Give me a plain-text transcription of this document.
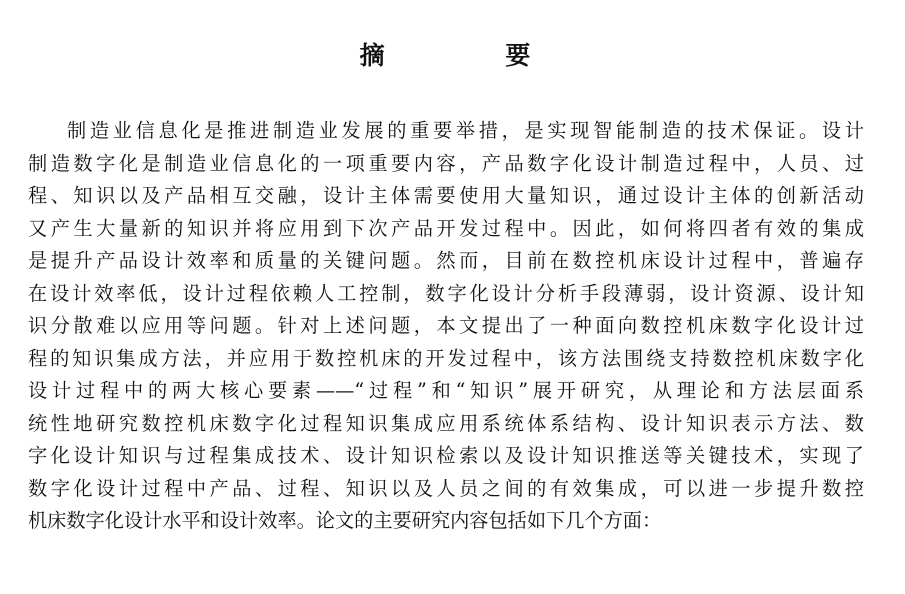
摘 要
制造业信息化是推进制造业发展的重要举措，是实现智能制造的技术保证。设计
制造数字化是制造业信息化的一项重要内容，产品数字化设计制造过程中，人员、过
程、知识以及产品相互交融，设计主体需要使用大量知识，通过设计主体的创新活动
又产生大量新的知识并将应用到下次产品开发过程中。因此，如何将四者有效的集成
是提升产品设计效率和质量的关键问题。然而，目前在数控机床设计过程中，普遍存
在设计效率低，设计过程依赖人工控制，数字化设计分析手段薄弱，设计资源、设计知
识分散难以应用等问题。针对上述问题，本文提出了一种面向数控机床数字化设计过
程的知识集成方法，并应用于数控机床的开发过程中，该方法围绕支持数控机床数字化
设计过程中的两大核心要素——“过程”和“知识”展开研究，从理论和方法层面系
统性地研究数控机床数字化过程知识集成应用系统体系结构、设计知识表示方法、数
字化设计知识与过程集成技术、设计知识检索以及设计知识推送等关键技术，实现了
数字化设计过程中产品、过程、知识以及人员之间的有效集成，可以进一步提升数控
机床数字化设计水平和设计效率。论文的主要研究内容包括如下几个方面：
